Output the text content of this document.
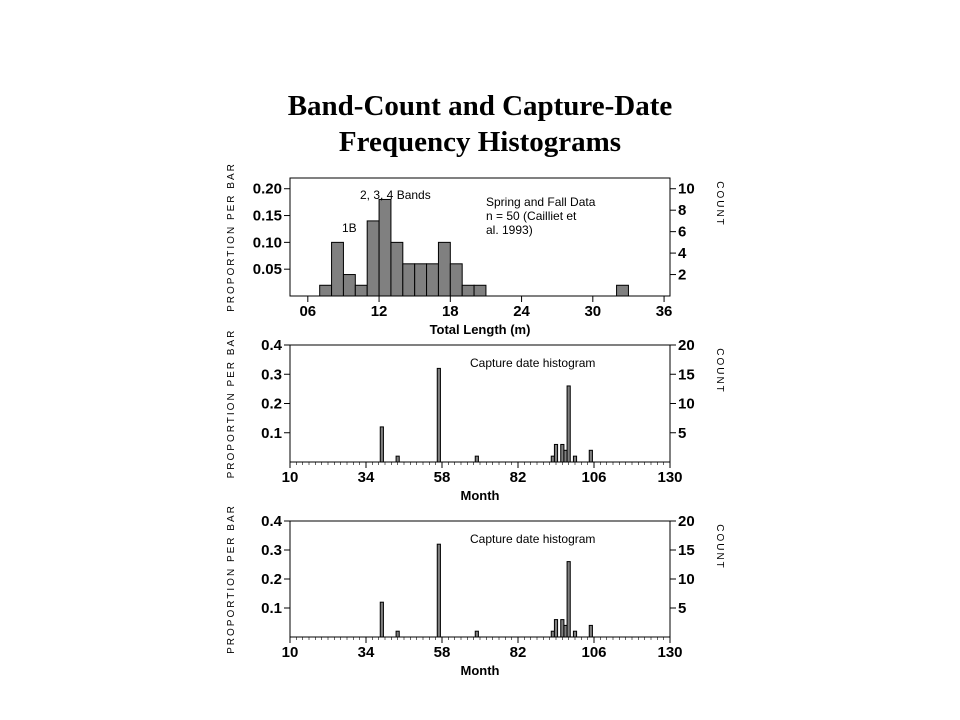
Band-Count and Capture-Date
Frequency Histograms
0.05
0.10
0.15
0.20
2
4
6
8
10
06	12	18	24	30	36
Total Length (m)
PROPORTION PER BAR	COUNT
2, 3, 4 Bands
1B
Spring and Fall Data
n = 50 (Cailliet et
al. 1993)
0.1
0.2
0.3
0.4
5
10
15
20
10	34	58	82	106	130
Month
PROPORTION PER BAR	COUNT
Capture date histogram
0.1
0.2
0.3
0.4
5
10
15
20
10	34	58	82	106	130
Month
PROPORTION PER BAR	COUNT
Capture date histogram
